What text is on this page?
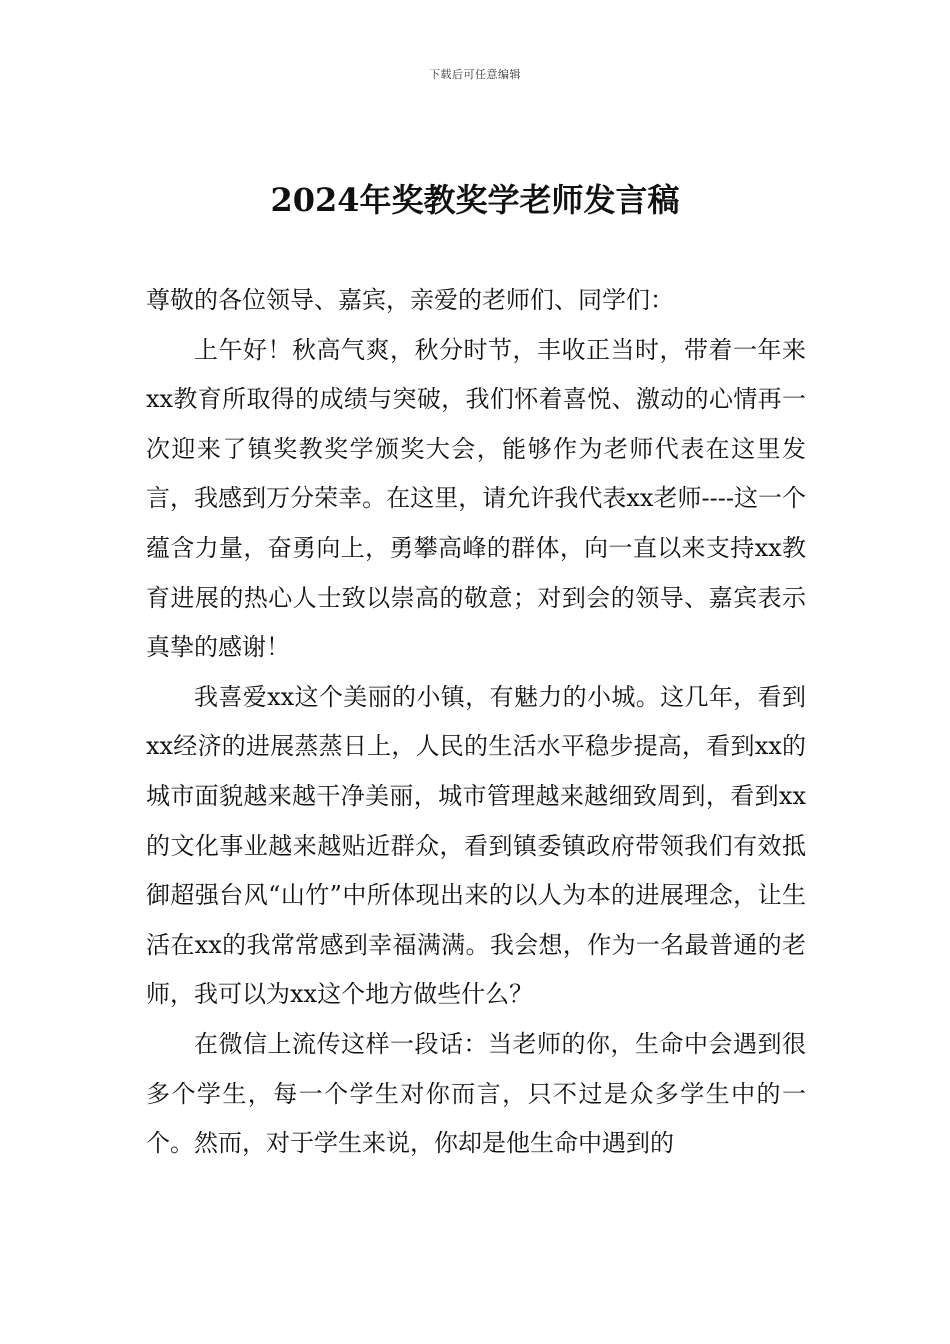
下载后可任意编辑
2024年奖教奖学老师发言稿

尊敬的各位领导、嘉宾，亲爱的老师们、同学们：

上午好！秋高气爽，秋分时节，丰收正当时，带着一年来xx教育所取得的成绩与突破，我们怀着喜悦、激动的心情再一次迎来了镇奖教奖学颁奖大会，能够作为老师代表在这里发言，我感到万分荣幸。在这里，请允许我代表xx老师----这一个蕴含力量，奋勇向上，勇攀高峰的群体，向一直以来支持xx教育进展的热心人士致以崇高的敬意；对到会的领导、嘉宾表示真挚的感谢！

我喜爱xx这个美丽的小镇，有魅力的小城。这几年，看到xx经济的进展蒸蒸日上，人民的生活水平稳步提高，看到xx的城市面貌越来越干净美丽，城市管理越来越细致周到，看到xx的文化事业越来越贴近群众，看到镇委镇政府带领我们有效抵御超强台风“山竹”中所体现出来的以人为本的进展理念，让生活在xx的我常常感到幸福满满。我会想，作为一名最普通的老师，我可以为xx这个地方做些什么？

在微信上流传这样一段话：当老师的你，生命中会遇到很多个学生，每一个学生对你而言，只不过是众多学生中的一个。然而，对于学生来说，你却是他生命中遇到的
